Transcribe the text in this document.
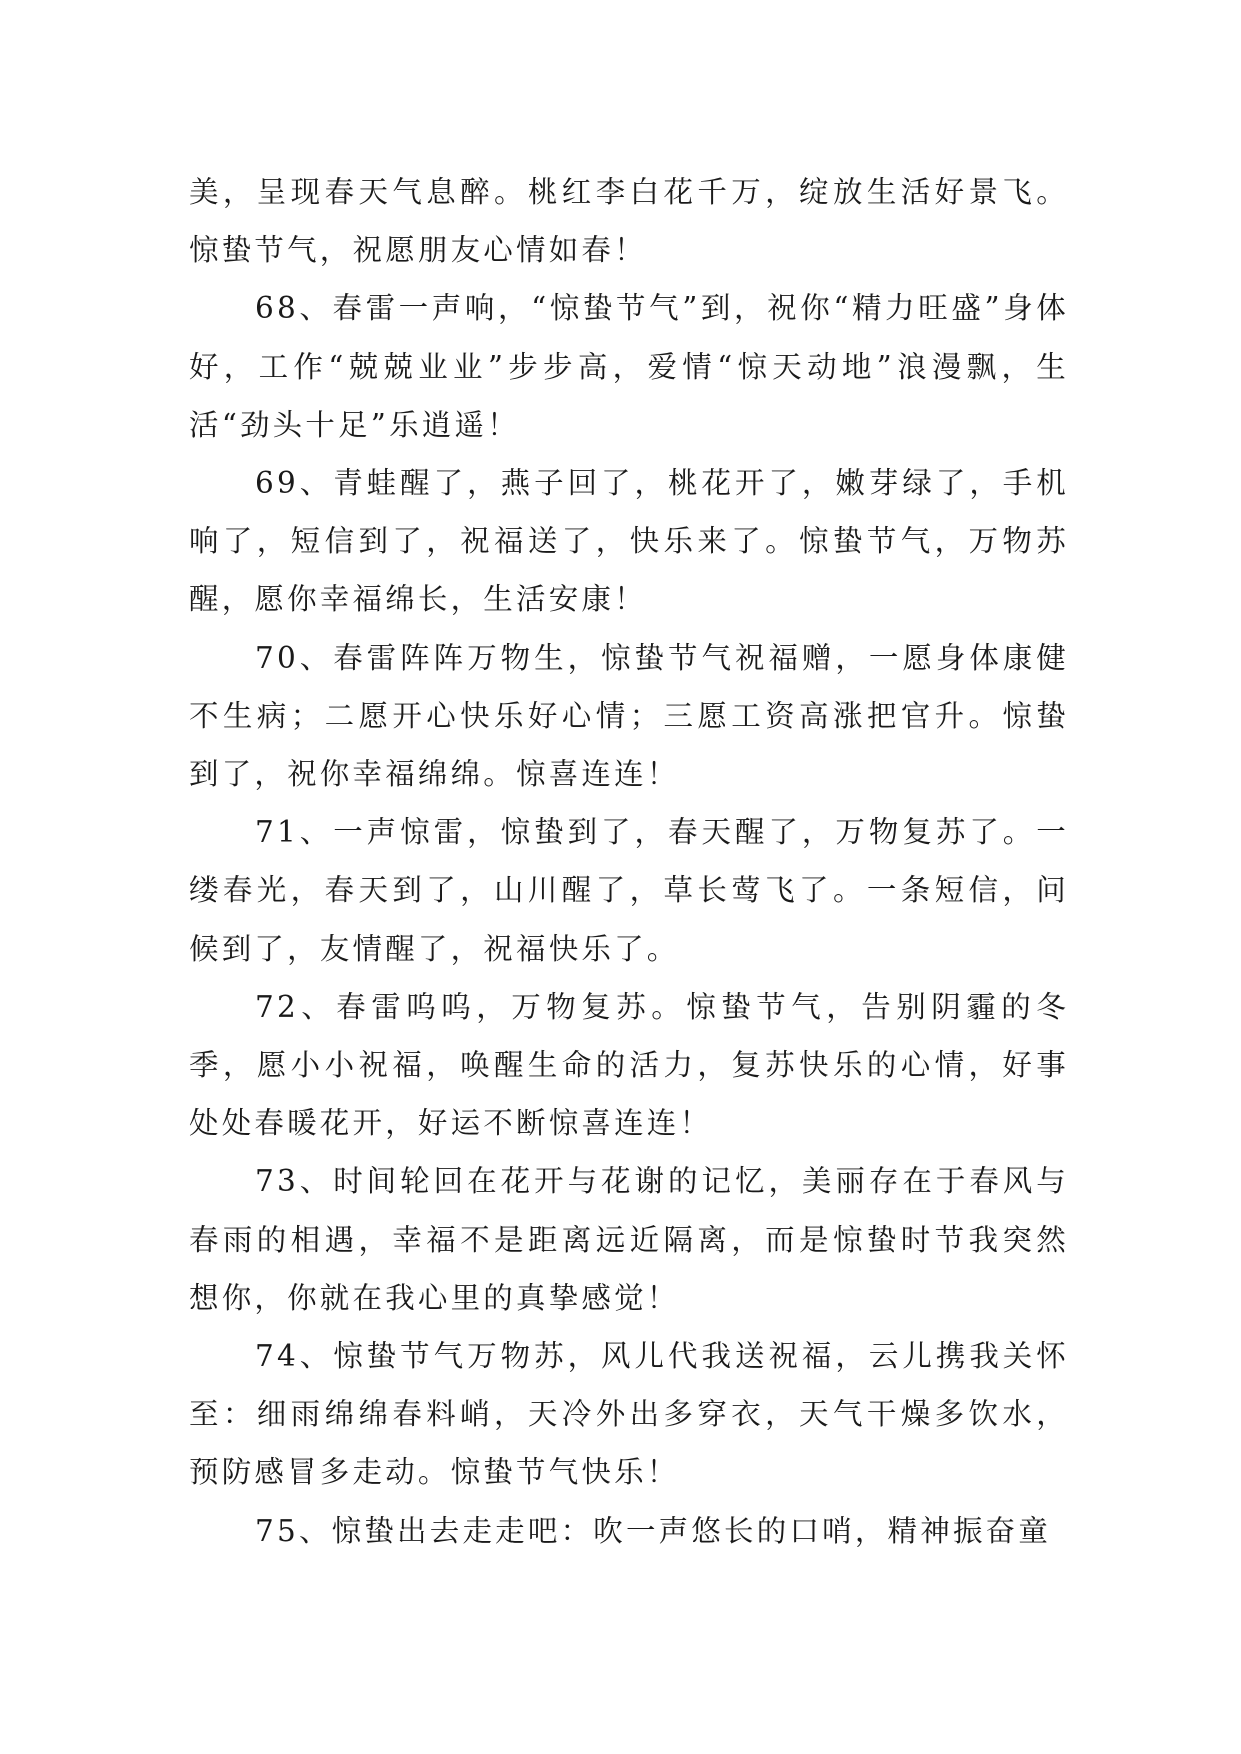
美，呈现春天气息醉。桃红李白花千万，绽放生活好景飞。惊蛰节气，祝愿朋友心情如春！

68、春雷一声响，“惊蛰节气”到，祝你“精力旺盛”身体好，工作“兢兢业业”步步高，爱情“惊天动地”浪漫飘，生活“劲头十足”乐逍遥！

69、青蛙醒了，燕子回了，桃花开了，嫩芽绿了，手机响了，短信到了，祝福送了，快乐来了。惊蛰节气，万物苏醒，愿你幸福绵长，生活安康！

70、春雷阵阵万物生，惊蛰节气祝福赠，一愿身体康健不生病；二愿开心快乐好心情；三愿工资高涨把官升。惊蛰到了，祝你幸福绵绵。惊喜连连！

71、一声惊雷，惊蛰到了，春天醒了，万物复苏了。一缕春光，春天到了，山川醒了，草长莺飞了。一条短信，问候到了，友情醒了，祝福快乐了。

72、春雷呜呜，万物复苏。惊蛰节气，告别阴霾的冬季，愿小小祝福，唤醒生命的活力，复苏快乐的心情，好事处处春暖花开，好运不断惊喜连连！

73、时间轮回在花开与花谢的记忆，美丽存在于春风与春雨的相遇，幸福不是距离远近隔离，而是惊蛰时节我突然想你，你就在我心里的真挚感觉！

74、惊蛰节气万物苏，风儿代我送祝福，云儿携我关怀至：细雨绵绵春料峭，天冷外出多穿衣，天气干燥多饮水，预防感冒多走动。惊蛰节气快乐！

75、惊蛰出去走走吧：吹一声悠长的口哨，精神振奋童
